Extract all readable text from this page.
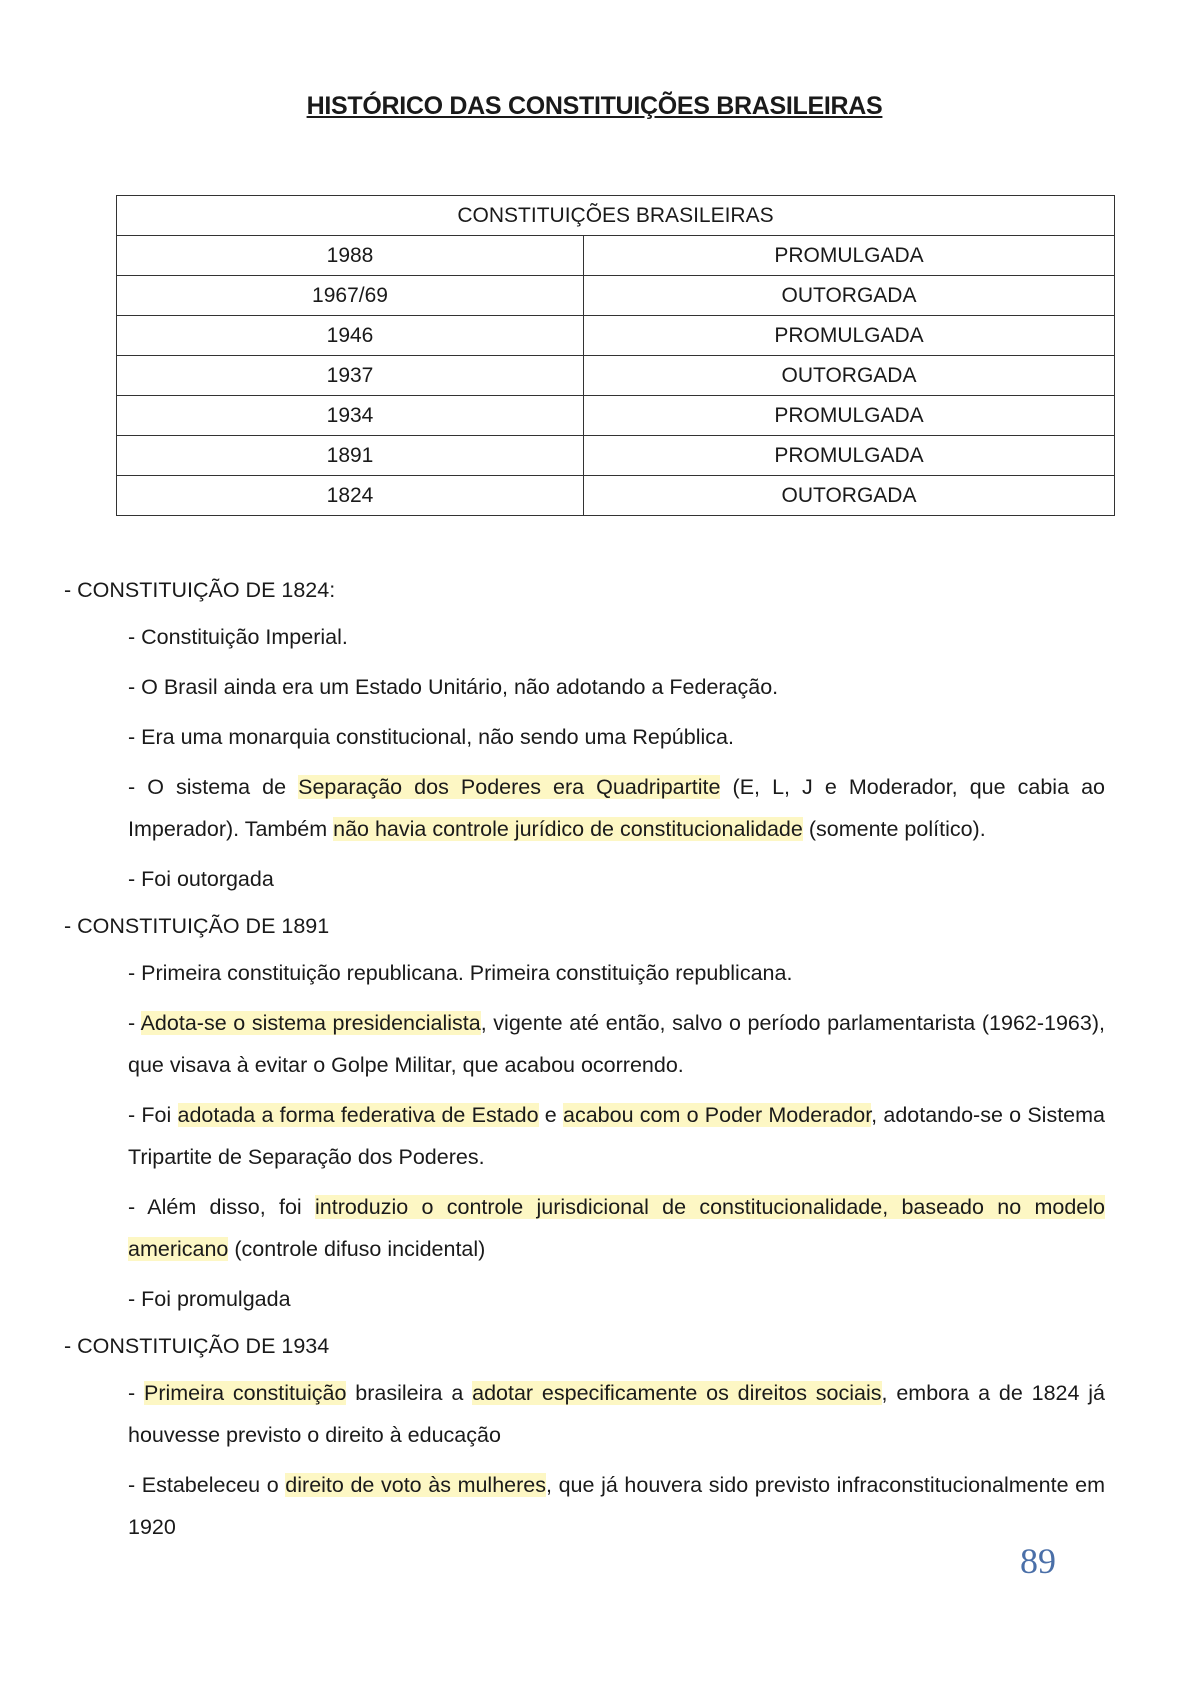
HISTÓRICO DAS CONSTITUIÇÕES BRASILEIRAS
CONSTITUIÇÕES BRASILEIRAS	
1988	PROMULGADA
1967/69	OUTORGADA
1946	PROMULGADA
1937	OUTORGADA
1934	PROMULGADA
1891	PROMULGADA
1824	OUTORGADA
- CONSTITUIÇÃO DE 1824:
- Constituição Imperial.
- O Brasil ainda era um Estado Unitário, não adotando a Federação.
- Era uma monarquia constitucional, não sendo uma República.
- O sistema de Separação dos Poderes era Quadripartite (E, L, J e Moderador, que cabia ao Imperador). Também não havia controle jurídico de constitucionalidade (somente político).
- Foi outorgada
- CONSTITUIÇÃO DE 1891
- Primeira constituição republicana. Primeira constituição republicana.
- Adota-se o sistema presidencialista, vigente até então, salvo o período parlamentarista (1962-1963), que visava à evitar o Golpe Militar, que acabou ocorrendo.
- Foi adotada a forma federativa de Estado e acabou com o Poder Moderador, adotando-se o Sistema Tripartite de Separação dos Poderes.
- Além disso, foi introduzio o controle jurisdicional de constitucionalidade, baseado no modelo americano (controle difuso incidental)
- Foi promulgada
- CONSTITUIÇÃO DE 1934
- Primeira constituição brasileira a adotar especificamente os direitos sociais, embora a de 1824 já houvesse previsto o direito à educação
- Estabeleceu o direito de voto às mulheres, que já houvera sido previsto infraconstitucionalmente em 1920
89
